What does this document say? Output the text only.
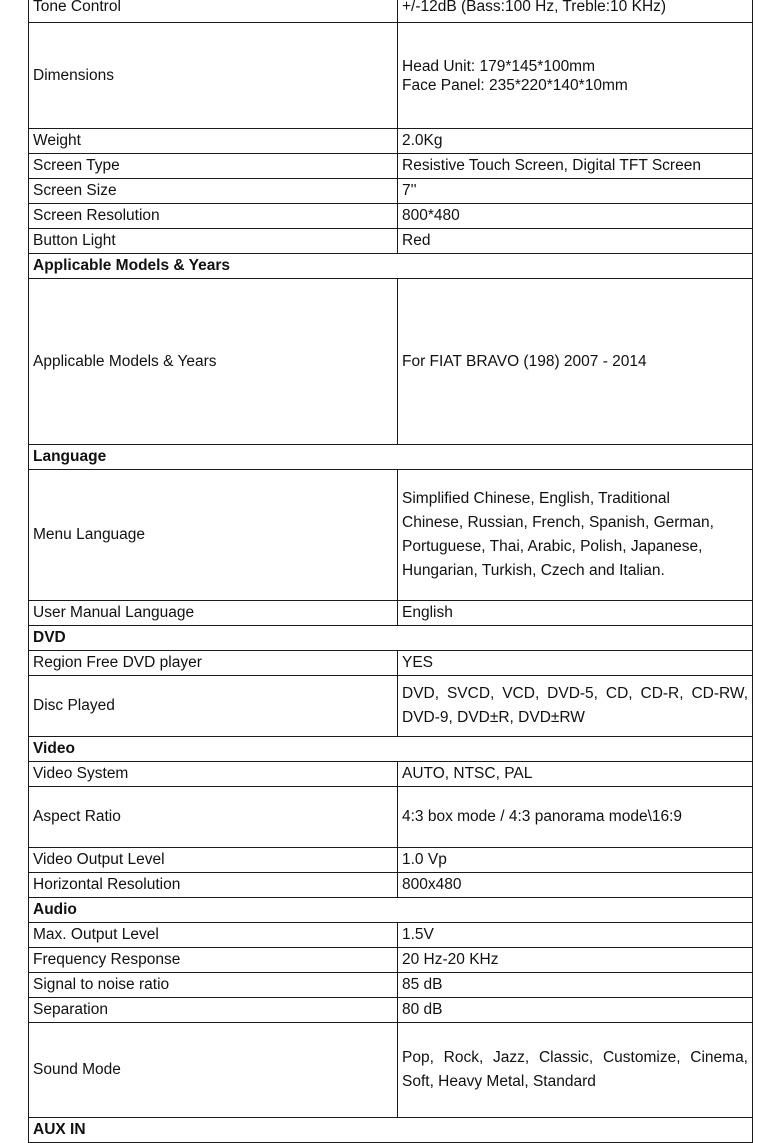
Tone Control	+/-12dB (Bass:100 Hz, Treble:10 KHz)
Dimensions	Head Unit: 179*145*100mm
Face Panel: 235*220*140*10mm

Weight	2.0Kg
Screen Type	Resistive Touch Screen, Digital TFT Screen
Screen Size	7''
Screen Resolution	800*480
Button Light	Red
Applicable Models & Years	
Applicable Models & Years	For FIAT BRAVO (198) 2007 - 2014
Language	
Menu Language	Simplified Chinese, English, Traditional
Chinese, Russian, French, Spanish, German,
Portuguese, Thai, Arabic, Polish, Japanese,
Hungarian, Turkish, Czech and Italian.

User Manual Language	English
DVD	
Region Free DVD player	YES
Disc Played	DVD, SVCD, VCD, DVD-5, CD, CD-R, CD-RW, DVD-9, DVD±R, DVD±RW
Video	
Video System	AUTO, NTSC, PAL
Aspect Ratio	4:3 box mode / 4:3 panorama mode\16:9
Video Output Level	1.0 Vp
Horizontal Resolution	800x480
Audio	
Max. Output Level	1.5V
Frequency Response	20 Hz-20 KHz
Signal to noise ratio	85 dB
Separation	80 dB
Sound Mode	Pop, Rock, Jazz, Classic, Customize, Cinema, Soft, Heavy Metal, Standard
AUX IN	
